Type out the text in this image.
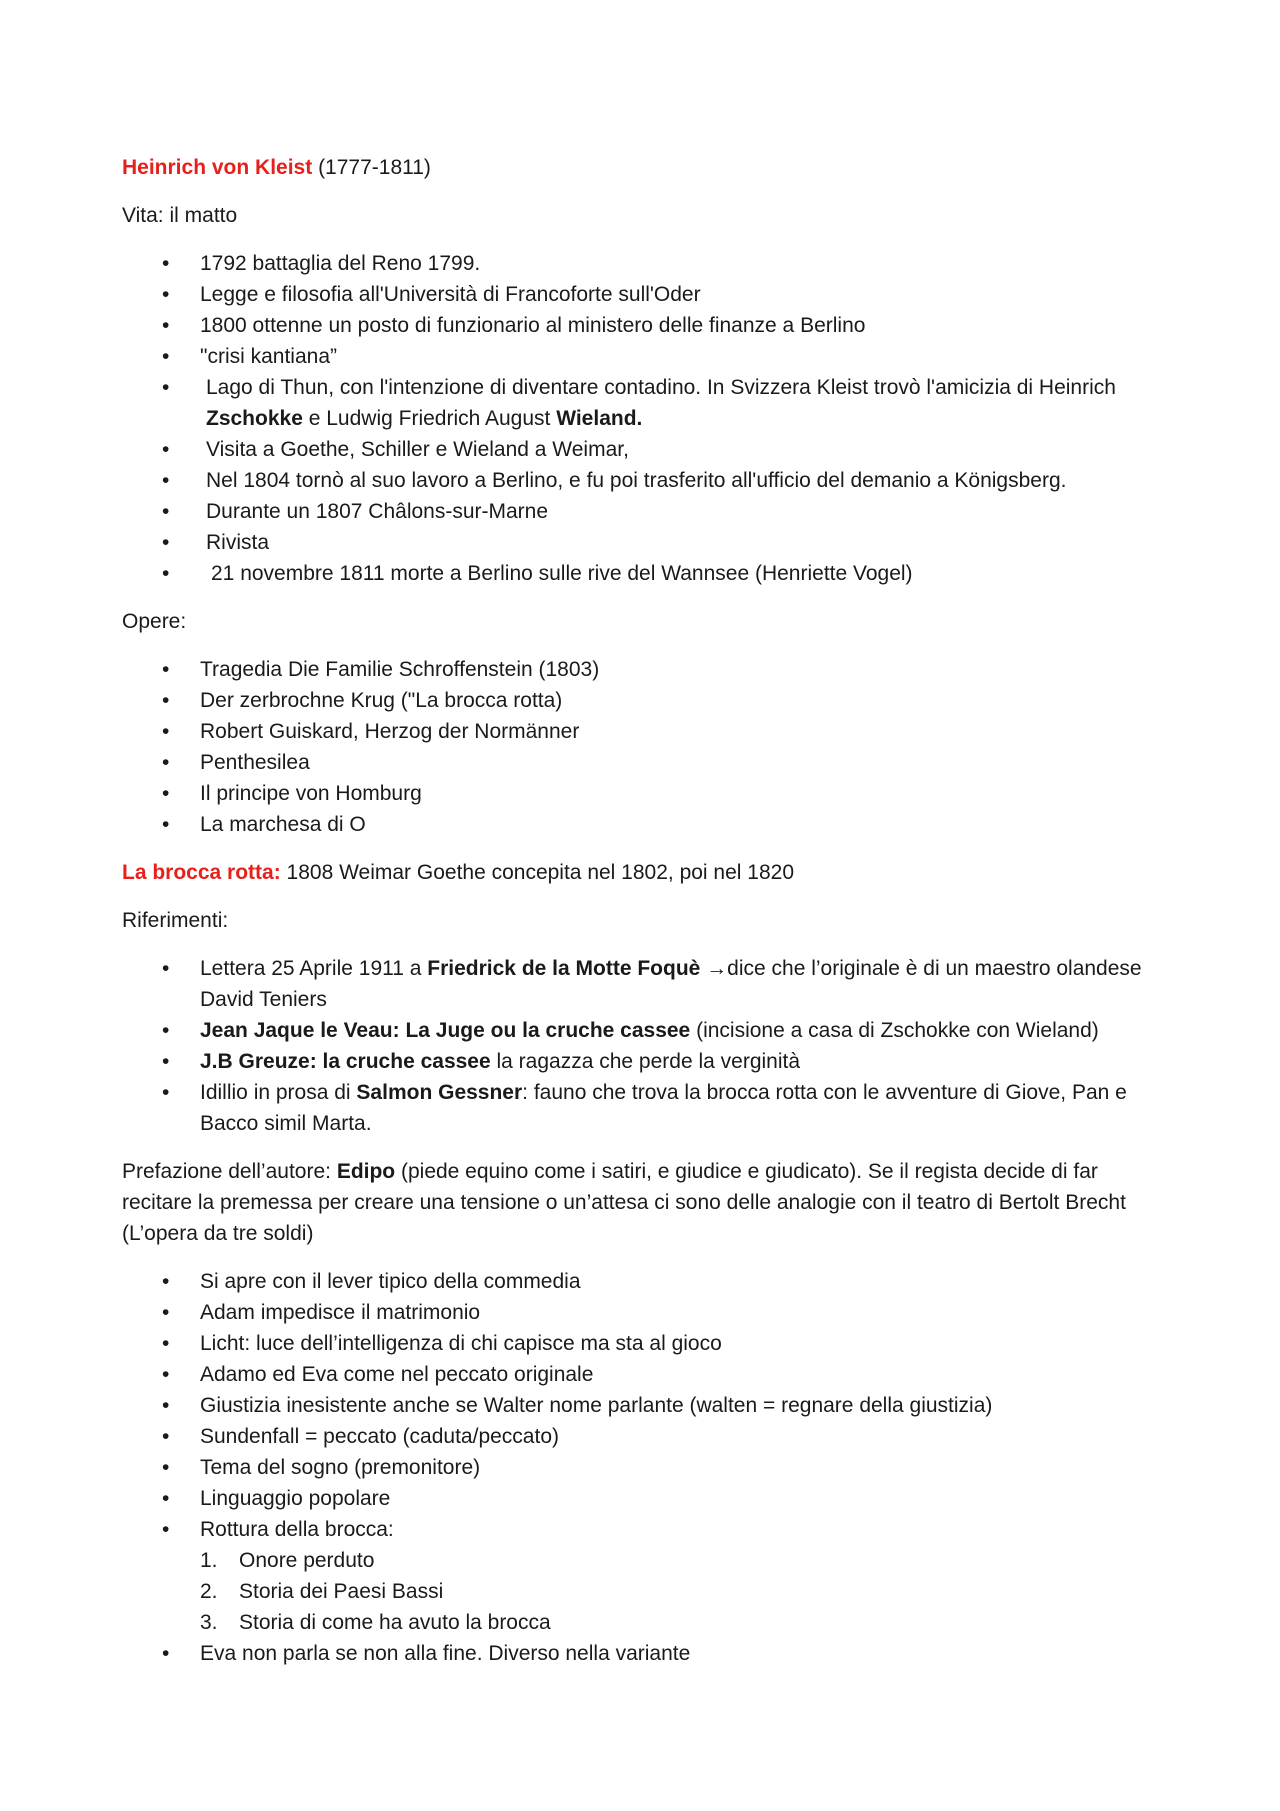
Heinrich von Kleist (1777-1811)

Vita: il matto

• 1792 battaglia del Reno 1799.
• Legge e filosofia all'Università di Francoforte sull'Oder
• 1800 ottenne un posto di funzionario al ministero delle finanze a Berlino
• "crisi kantiana”
• Lago di Thun, con l'intenzione di diventare contadino. In Svizzera Kleist trovò l'amicizia di Heinrich Zschokke e Ludwig Friedrich August Wieland.
• Visita a Goethe, Schiller e Wieland a Weimar,
• Nel 1804 tornò al suo lavoro a Berlino, e fu poi trasferito all'ufficio del demanio a Königsberg.
• Durante un 1807 Châlons-sur-Marne
• Rivista
• 21 novembre 1811 morte a Berlino sulle rive del Wannsee (Henriette Vogel)

Opere:

• Tragedia Die Familie Schroffenstein (1803)
• Der zerbrochne Krug ("La brocca rotta)
• Robert Guiskard, Herzog der Normänner
• Penthesilea
• Il principe von Homburg
• La marchesa di O

La brocca rotta: 1808 Weimar Goethe concepita nel 1802, poi nel 1820

Riferimenti:

• Lettera 25 Aprile 1911 a Friedrick de la Motte Foquè →dice che l’originale è di un maestro olandese David Teniers
• Jean Jaque le Veau: La Juge ou la cruche cassee (incisione a casa di Zschokke con Wieland)
• J.B Greuze: la cruche cassee la ragazza che perde la verginità
• Idillio in prosa di Salmon Gessner: fauno che trova la brocca rotta con le avventure di Giove, Pan e Bacco simil Marta.

Prefazione dell’autore: Edipo (piede equino come i satiri, e giudice e giudicato). Se il regista decide di far recitare la premessa per creare una tensione o un’attesa ci sono delle analogie con il teatro di Bertolt Brecht (L’opera da tre soldi)

• Si apre con il lever tipico della commedia
• Adam impedisce il matrimonio
• Licht: luce dell’intelligenza di chi capisce ma sta al gioco
• Adamo ed Eva come nel peccato originale
• Giustizia inesistente anche se Walter nome parlante (walten = regnare della giustizia)
• Sundenfall = peccato (caduta/peccato)
• Tema del sogno (premonitore)
• Linguaggio popolare
• Rottura della brocca:
1. Onore perduto
2. Storia dei Paesi Bassi
3. Storia di come ha avuto la brocca
• Eva non parla se non alla fine. Diverso nella variante
